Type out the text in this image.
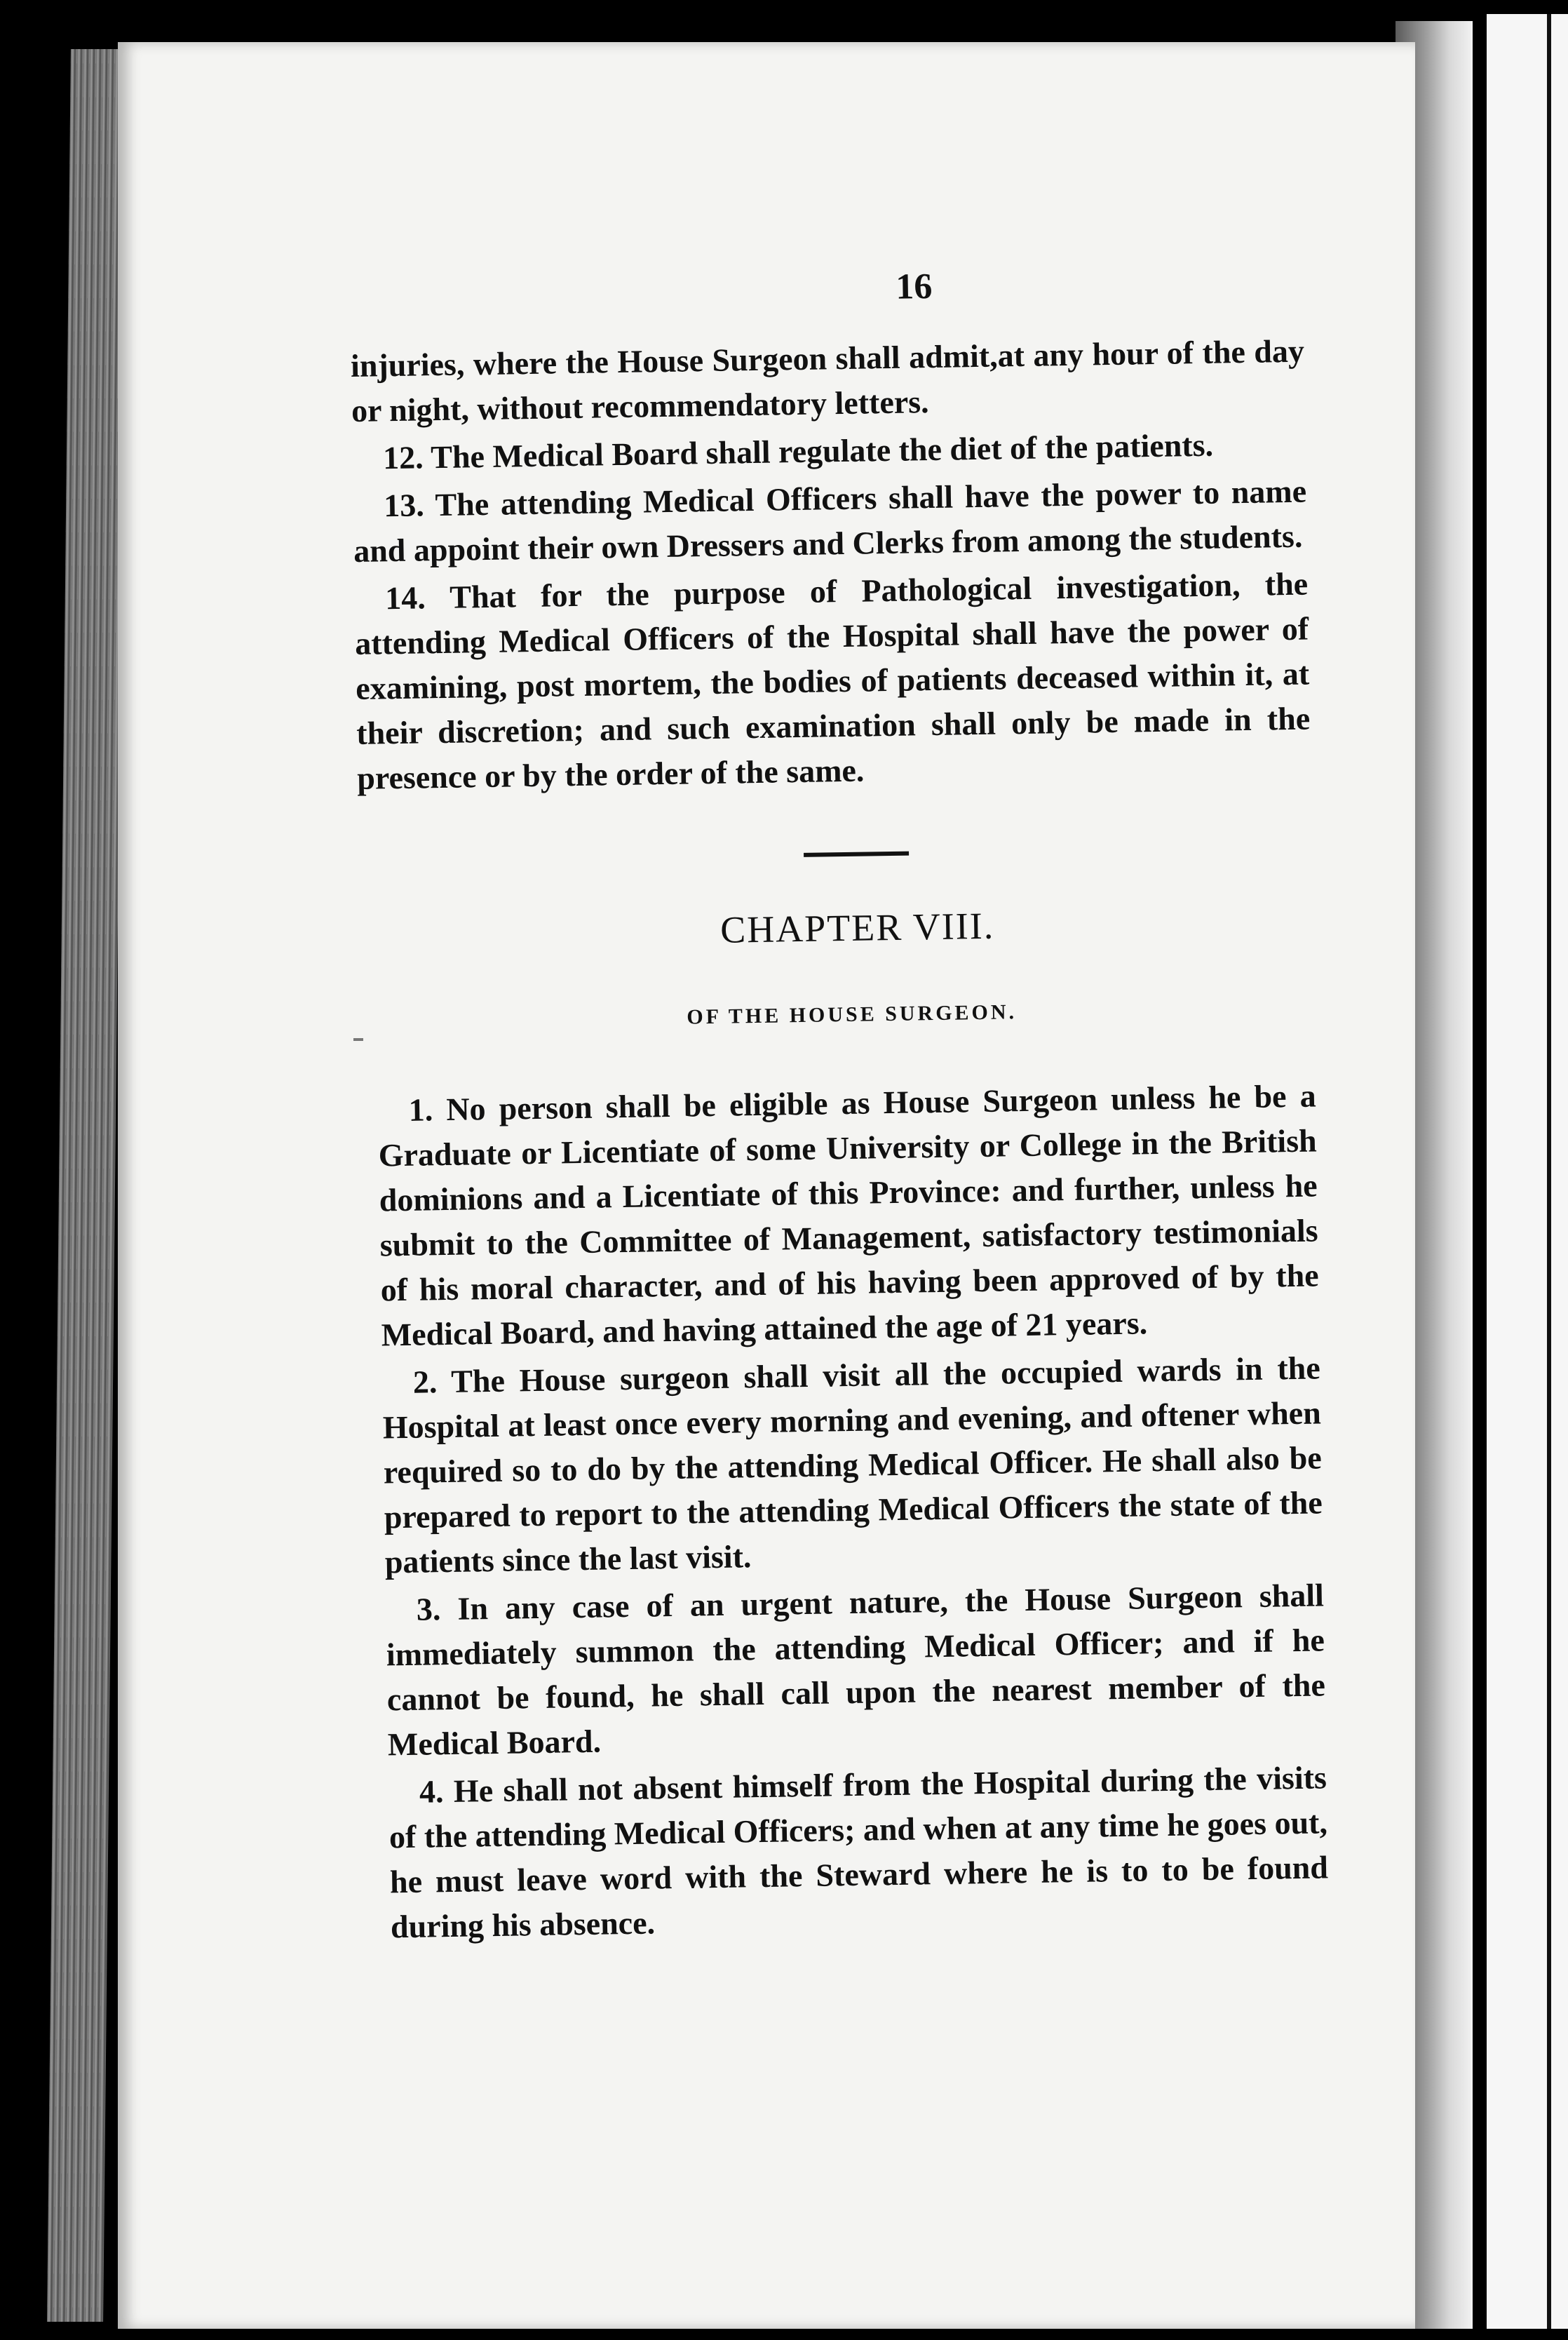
16

injuries, where the House Surgeon shall admit,at any hour of the day or night, without recommendatory letters.

12. The Medical Board shall regulate the diet of the patients.

13. The attending Medical Officers shall have the power to name and appoint their own Dressers and Clerks from among the students.

14. That for the purpose of Pathological investigation, the attending Medical Officers of the Hospital shall have the power of examining, post mortem, the bodies of patients deceased within it, at their discretion; and such examination shall only be made in the presence or by the order of the same.

CHAPTER VIII.
OF THE HOUSE SURGEON.

1. No person shall be eligible as House Surgeon unless he be a Graduate or Licentiate of some University or College in the British dominions and a Licentiate of this Province: and further, unless he submit to the Committee of Management, satisfactory testimonials of his moral character, and of his having been approved of by the Medical Board, and having attained the age of 21 years.

2. The House surgeon shall visit all the occupied wards in the Hospital at least once every morning and evening, and oftener when required so to do by the attending Medical Officer. He shall also be prepared to report to the attending Medical Officers the state of the patients since the last visit.

3. In any case of an urgent nature, the House Surgeon shall immediately summon the attending Medical Officer; and if he cannot be found, he shall call upon the nearest member of the Medical Board.

4. He shall not absent himself from the Hospital during the visits of the attending Medical Officers; and when at any time he goes out, he must leave word with the Steward where he is to to be found during his absence.
